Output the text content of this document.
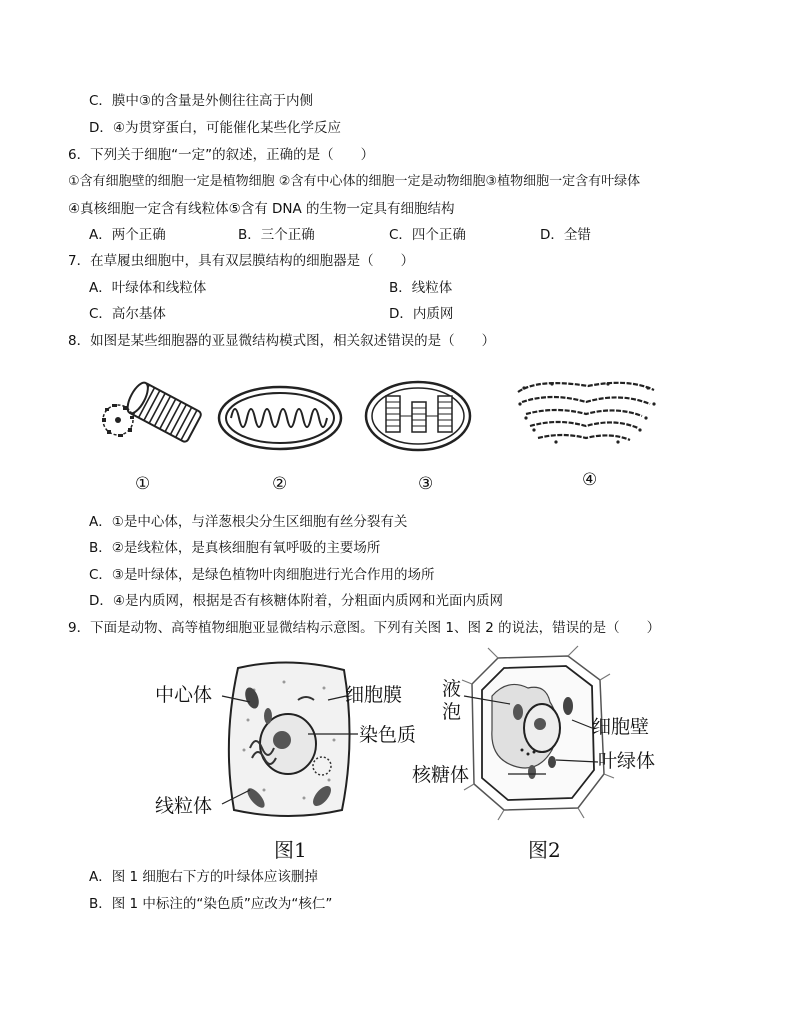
C．膜中③的含量是外侧往往高于内侧
D．④为贯穿蛋白，可能催化某些化学反应
6．下列关于细胞“一定”的叙述，正确的是（　　）
①含有细胞壁的细胞一定是植物细胞 ②含有中心体的细胞一定是动物细胞③植物细胞一定含有叶绿体
④真核细胞一定含有线粒体⑤含有 DNA 的生物一定具有细胞结构
A．两个正确	B．三个正确	C．四个正确	D．全错
7．在草履虫细胞中，具有双层膜结构的细胞器是（　　）
A．叶绿体和线粒体	B．线粒体
C．高尔基体	D．内质网
8．如图是某些细胞器的亚显微结构模式图，相关叙述错误的是（　　）
①	②	③	④
A．①是中心体，与洋葱根尖分生区细胞有丝分裂有关
B．②是线粒体，是真核细胞有氧呼吸的主要场所
C．③是叶绿体，是绿色植物叶肉细胞进行光合作用的场所
D．④是内质网，根据是否有核糖体附着，分粗面内质网和光面内质网
9．下面是动物、高等植物细胞亚显微结构示意图。下列有关图 1、图 2 的说法，错误的是（　　）
中心体	细胞膜
染色质
线粒体
图1
液
泡
细胞壁
叶绿体
核糖体
图2
A．图 1 细胞右下方的叶绿体应该删掉
B．图 1 中标注的“染色质”应改为“核仁”
